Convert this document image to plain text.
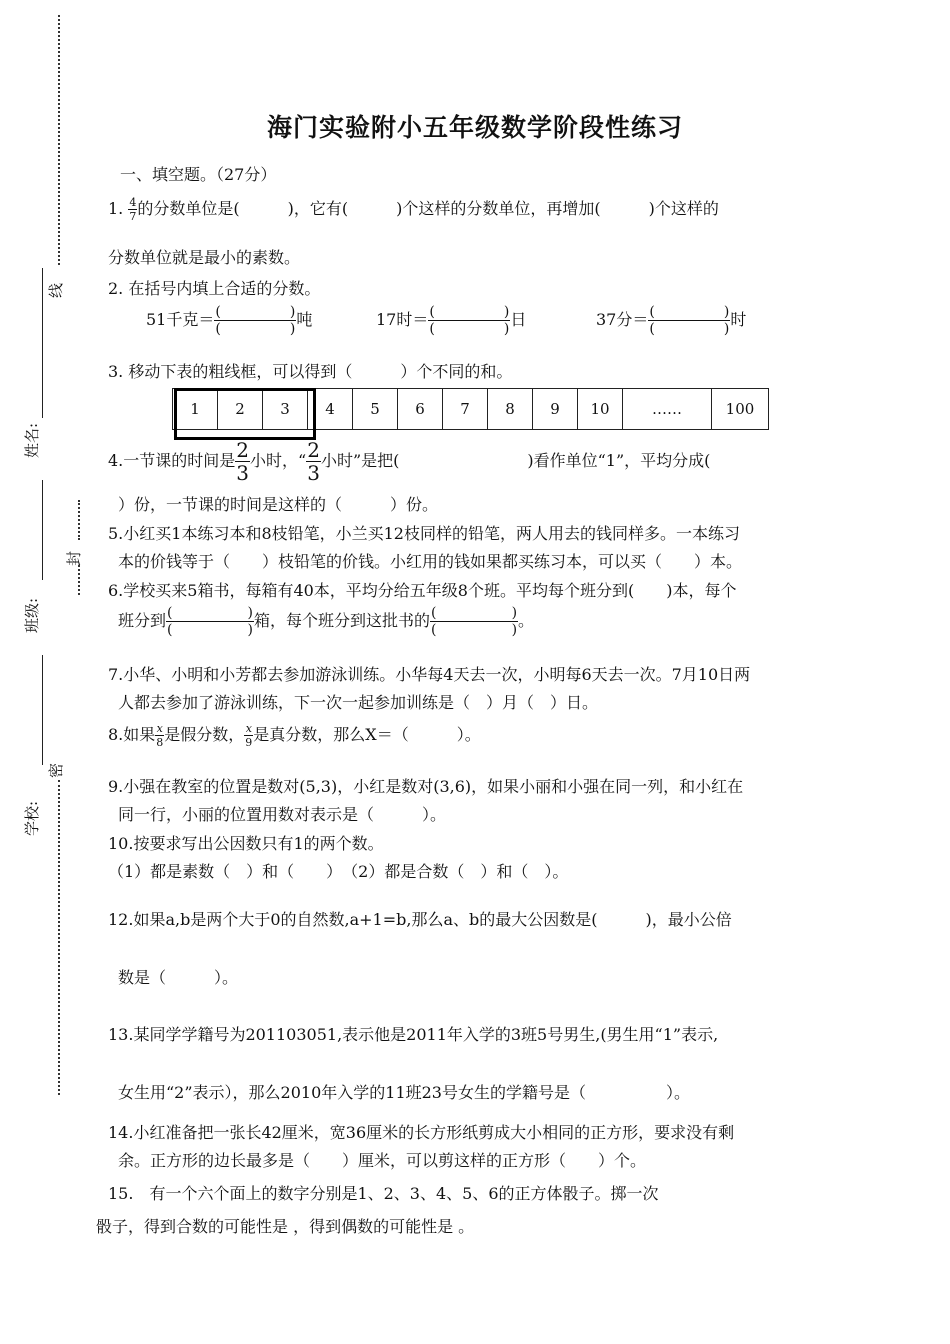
线
封
密
姓名:
班级:
学校:
海门实验附小五年级数学阶段性练习
一、填空题。（27分）
1. $\frac{4}{7}$ 的分数单位是(　　　)，它有(　　　)个这样的分数单位，再增加(　　　)个这样的
分数单位就是最小的素数。
2. 在括号内填上合适的分数。
51千克＝ (	)
(	) 吨	17时＝ (	)
(	) 日	37分＝ (	)
(	) 时
3. 移动下表的粗线框，可以得到（　　　）个不同的和。
1	2	3	4	5	6	7	8	9	10	……	100
4.一节课的时间是 $\frac{2}{3}$ 小时，“ $\frac{2}{3}$ 小时”是把(　　　　　　　　)看作单位“1”，平均分成(
）份，一节课的时间是这样的（　　　）份。
5.小红买1本练习本和8枝铅笔，小兰买12枝同样的铅笔，两人用去的钱同样多。一本练习
本的价钱等于（　　）枝铅笔的价钱。小红用的钱如果都买练习本，可以买（　　）本。
6.学校买来5箱书，每箱有40本，平均分给五年级8个班。平均每个班分到(　　)本，每个
班分到 (	)
(	) 箱，每个班分到这批书的 (	)
(	) 。
7.小华、小明和小芳都去参加游泳训练。小华每4天去一次，小明每6天去一次。7月10日两
人都去参加了游泳训练，下一次一起参加训练是（　）月（　）日。
8.如果 $\frac{x}{8}$ 是假分数， $\frac{x}{9}$ 是真分数，那么X＝（　　　）。
9.小强在教室的位置是数对(5,3)，小红是数对(3,6)，如果小丽和小强在同一列，和小红在
同一行，小丽的位置用数对表示是（　　　）。
10.按要求写出公因数只有1的两个数。
（1）都是素数（　）和（　　）　（2）都是合数（　）和（　）。
12.如果a,b是两个大于0的自然数,a+1=b,那么a、b的最大公因数是(　　　)，最小公倍
数是（　　　）。
13.某同学学籍号为201103051,表示他是2011年入学的3班5号男生,(男生用“1”表示,
女生用“2”表示），那么2010年入学的11班23号女生的学籍号是（　　　　　）。
14.小红准备把一张长42厘米，宽36厘米的长方形纸剪成大小相同的正方形，要求没有剩
余。正方形的边长最多是（　　）厘米，可以剪这样的正方形（　　）个。
15.　有一个六个面上的数字分别是1、2、3、4、5、6的正方体骰子。掷一次
骰子，得到合数的可能性是 ，得到偶数的可能性是 。
